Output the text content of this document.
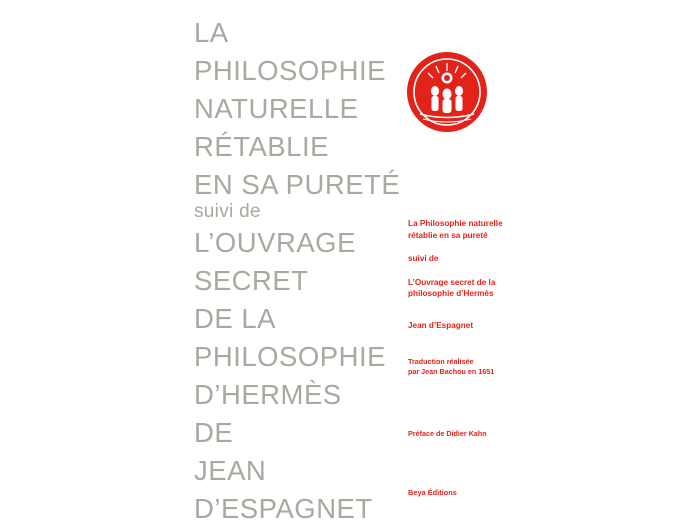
LA
PHILOSOPHIE
NATURELLE
RÉTABLIE
EN SA PURETÉ
suivi de
L’OUVRAGE
SECRET
DE LA
PHILOSOPHIE
D’HERMÈS
DE
JEAN
D’ESPAGNET
La Philosophie naturelle
rétablie en sa pureté
suivi de
L’Ouvrage secret de la
philosophie d’Hermès
Jean d’Espagnet
Traduction réalisée
par Jean Bachou en 1651
Préface de Didier Kahn
Beya Éditions
